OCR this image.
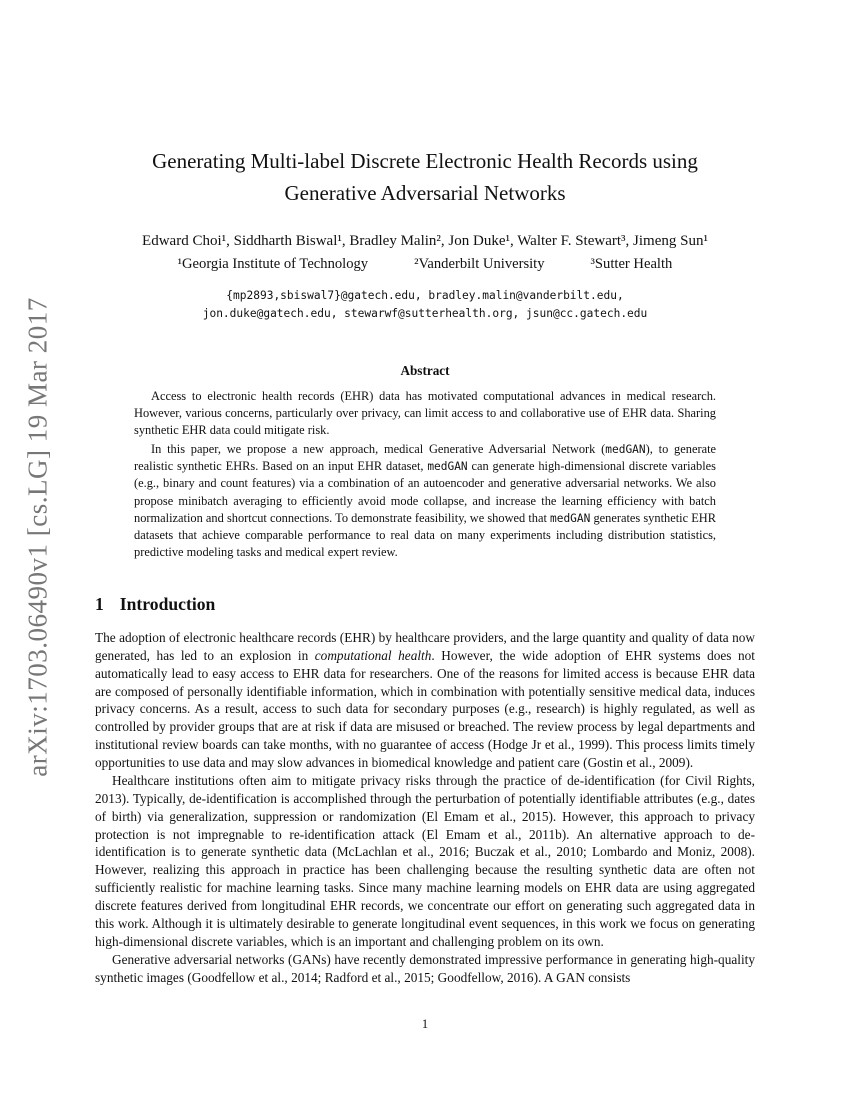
arXiv:1703.06490v1 [cs.LG] 19 Mar 2017
Generating Multi-label Discrete Electronic Health Records using
Generative Adversarial Networks
Edward Choi¹, Siddharth Biswal¹, Bradley Malin², Jon Duke¹, Walter F. Stewart³, Jimeng Sun¹
¹Georgia Institute of Technology	²Vanderbilt University	³Sutter Health
{mp2893,sbiswal7}@gatech.edu, bradley.malin@vanderbilt.edu,
jon.duke@gatech.edu, stewarwf@sutterhealth.org, jsun@cc.gatech.edu
Abstract

Access to electronic health records (EHR) data has motivated computational advances in medical research. However, various concerns, particularly over privacy, can limit access to and collaborative use of EHR data. Sharing synthetic EHR data could mitigate risk.

In this paper, we propose a new approach, medical Generative Adversarial Network (medGAN), to generate realistic synthetic EHRs. Based on an input EHR dataset, medGAN can generate high-dimensional discrete variables (e.g., binary and count features) via a combination of an autoencoder and generative adversarial networks. We also propose minibatch averaging to efficiently avoid mode collapse, and increase the learning efficiency with batch normalization and shortcut connections. To demonstrate feasibility, we showed that medGAN generates synthetic EHR datasets that achieve comparable performance to real data on many experiments including distribution statistics, predictive modeling tasks and medical expert review.

1 Introduction

The adoption of electronic healthcare records (EHR) by healthcare providers, and the large quantity and quality of data now generated, has led to an explosion in computational health. However, the wide adoption of EHR systems does not automatically lead to easy access to EHR data for researchers. One of the reasons for limited access is because EHR data are composed of personally identifiable information, which in combination with potentially sensitive medical data, induces privacy concerns. As a result, access to such data for secondary purposes (e.g., research) is highly regulated, as well as controlled by provider groups that are at risk if data are misused or breached. The review process by legal departments and institutional review boards can take months, with no guarantee of access (Hodge Jr et al., 1999). This process limits timely opportunities to use data and may slow advances in biomedical knowledge and patient care (Gostin et al., 2009).

Healthcare institutions often aim to mitigate privacy risks through the practice of de-identification (for Civil Rights, 2013). Typically, de-identification is accomplished through the perturbation of potentially identifiable attributes (e.g., dates of birth) via generalization, suppression or randomization (El Emam et al., 2015). However, this approach to privacy protection is not impregnable to re-identification attack (El Emam et al., 2011b). An alternative approach to de-identification is to generate synthetic data (McLachlan et al., 2016; Buczak et al., 2010; Lombardo and Moniz, 2008). However, realizing this approach in practice has been challenging because the resulting synthetic data are often not sufficiently realistic for machine learning tasks. Since many machine learning models on EHR data are using aggregated discrete features derived from longitudinal EHR records, we concentrate our effort on generating such aggregated data in this work. Although it is ultimately desirable to generate longitudinal event sequences, in this work we focus on generating high-dimensional discrete variables, which is an important and challenging problem on its own.

Generative adversarial networks (GANs) have recently demonstrated impressive performance in generating high-quality synthetic images (Goodfellow et al., 2014; Radford et al., 2015; Goodfellow, 2016). A GAN consists

1
